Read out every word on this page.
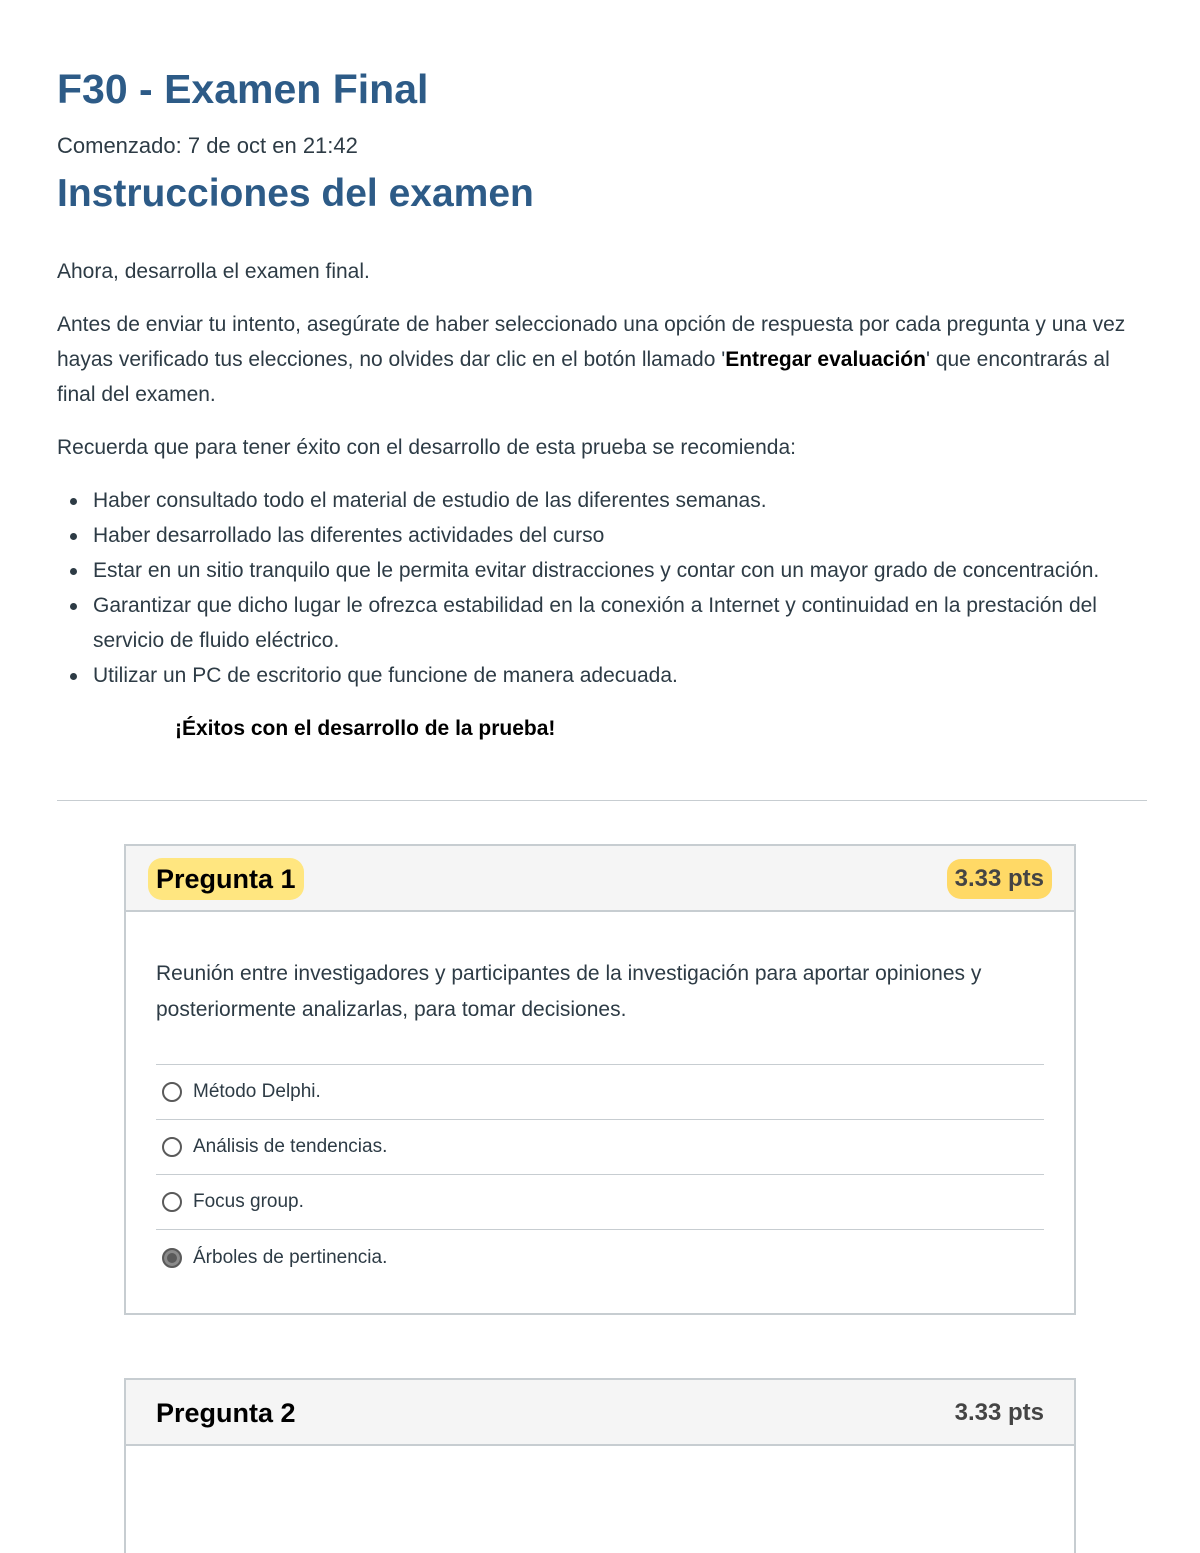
F30 - Examen Final
Comenzado: 7 de oct en 21:42
Instrucciones del examen

Ahora, desarrolla el examen final.

Antes de enviar tu intento, asegúrate de haber seleccionado una opción de respuesta por cada pregunta y una vez hayas verificado tus elecciones, no olvides dar clic en el botón llamado 'Entregar evaluación' que encontrarás al final del examen.

Recuerda que para tener éxito con el desarrollo de esta prueba se recomienda:

Haber consultado todo el material de estudio de las diferentes semanas.
Haber desarrollado las diferentes actividades del curso
Estar en un sitio tranquilo que le permita evitar distracciones y contar con un mayor grado de concentración.
Garantizar que dicho lugar le ofrezca estabilidad en la conexión a Internet y continuidad en la prestación del servicio de fluido eléctrico.
Utilizar un PC de escritorio que funcione de manera adecuada.
¡Éxitos con el desarrollo de la prueba!
Pregunta 1	3.33 pts

Reunión entre investigadores y participantes de la investigación para aportar opiniones y posteriormente analizarlas, para tomar decisiones.

Método Delphi.
Análisis de tendencias.
Focus group.
Árboles de pertinencia.
Pregunta 2	3.33 pts
